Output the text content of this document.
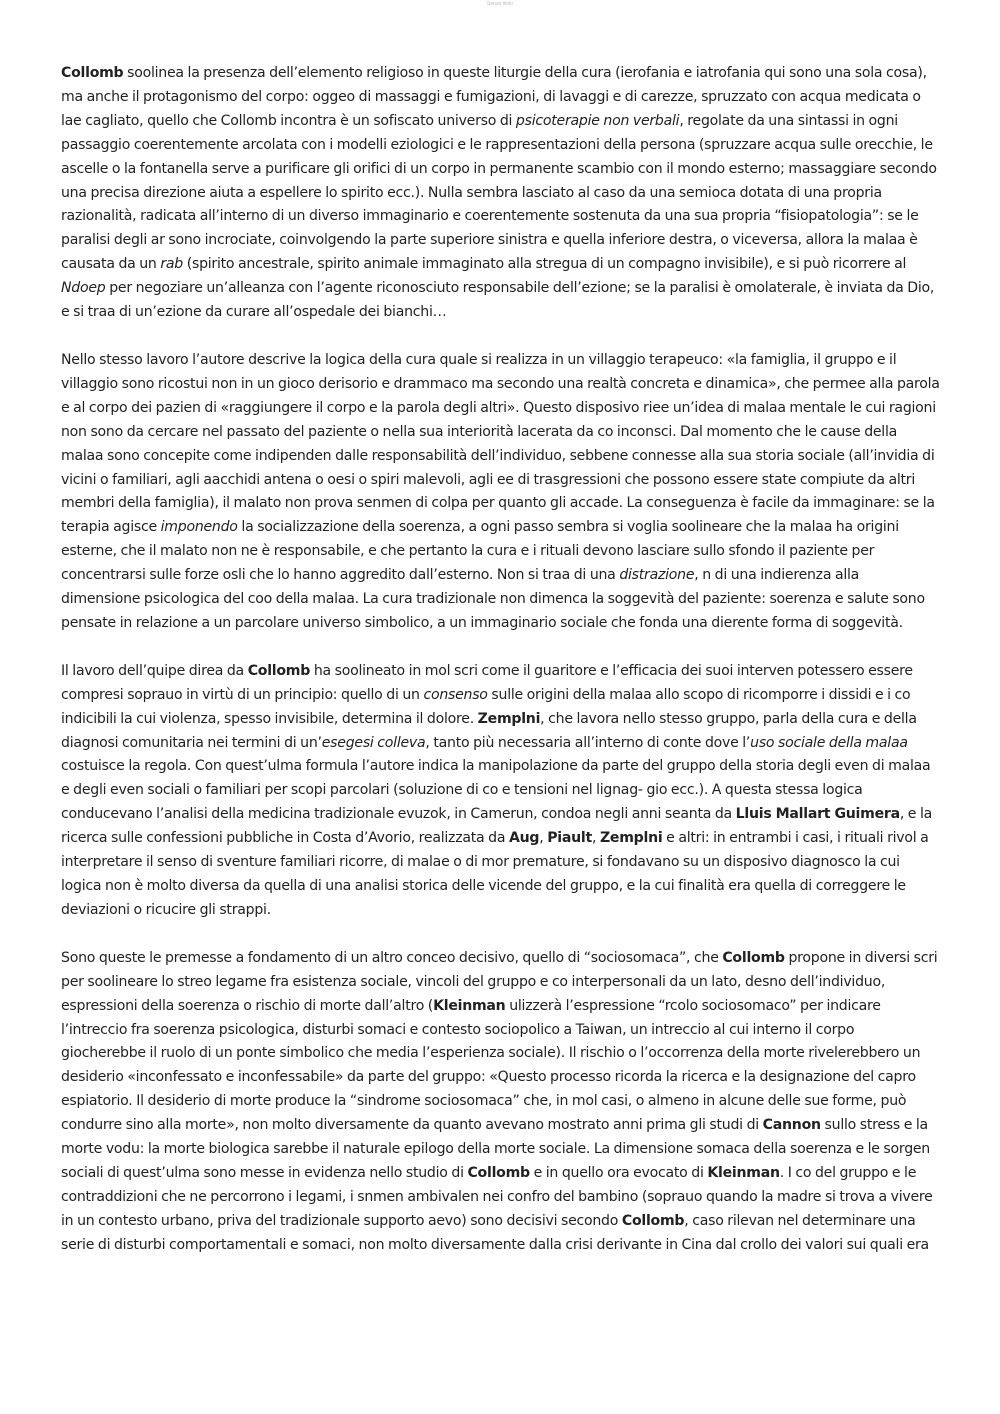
Senza titolo

Collomb so﻿﻿olinea la presenza dell’elemento religioso in queste liturgie della cura (ierofania e iatrofania qui sono una sola cosa), ma anche il protagonismo del corpo: ogge﻿o di massaggi e fumigazioni, di lavaggi e di carezze, spruzzato con acqua medicata o la﻿e cagliato, quello che Collomb incontra è un sofis﻿cato universo di psicoterapie non verbali, regolate da una sintassi in ogni passaggio coerentemente ar﻿colata con i modelli eziologici e le rappresentazioni della persona (spruzzare acqua sulle orecchie, le ascelle o la fontanella serve a purificare gli orifici di un corpo in permanente scambio con il mondo esterno; massaggiare secondo una precisa direzione aiuta a espellere lo spirito ecc.). Nulla sembra lasciato al caso da una semio﻿ca dotata di una propria razionalità, radicata all’interno di un diverso immaginario e coerentemente sostenuta da una sua propria “fisiopatologia”: se le paralisi degli ar﻿ sono incrociate, coinvolgendo la parte superiore sinistra e quella inferiore destra, o viceversa, allora la mala﻿a è causata da un rab (spirito ancestrale, spirito animale immaginato alla stregua di un compagno invisibile), e si può ricorrere al Ndoep per negoziare un’alleanza con l’agente riconosciuto responsabile dell’﻿ezione; se la paralisi è omolaterale, è inviata da Dio, e si tra﻿a di un’﻿ezione da curare all’ospedale dei bianchi…

Nello stesso lavoro l’autore descrive la logica della cura quale si realizza in un villaggio terapeu﻿co: «la famiglia, il gruppo e il villaggio sono ricos﻿tui﻿ non in un gioco derisorio e dramma﻿co ma secondo una realtà concreta e dinamica», che perme﻿e alla parola e al corpo dei pazien﻿ di «raggiungere il corpo e la parola degli altri». Questo disposi﻿vo ri﻿e﻿e un’idea di mala﻿a mentale le cui ragioni non sono da cercare nel passato del paziente o nella sua interiorità lacerata da co﻿ inconsci. Dal momento che le cause della mala﻿a sono concepite come indipenden﻿ dalle responsabilità dell’individuo, sebbene connesse alla sua storia sociale (all’invidia di vicini o familiari, agli a﻿acchidi antena﻿ o o﻿esi o spiri﻿ malevoli, agli e﻿e﻿ di trasgressioni che possono essere state compiute da altri membri della famiglia), il malato non prova sen﻿men﻿ di colpa per quanto gli accade. La conseguenza è facile da immaginare: se la terapia agisce imponendo la socializzazione della so﻿erenza, a ogni passo sembra si voglia so﻿olineare che la mala﻿a ha origini esterne, che il malato non ne è responsabile, e che pertanto la cura e i rituali devono lasciare sullo sfondo il paziente per concentrarsi sulle forze os﻿li che lo hanno aggredito dall’esterno. Non si tra﻿a di una distrazione, n﻿ di una indi﻿erenza alla dimensione psicologica del co﻿o della mala﻿a. La cura tradizionale non dimen﻿ca la sogge﻿vità del paziente: so﻿erenza e salute sono pensate in relazione a un par﻿colare universo simbolico, a un immaginario sociale che fonda una di﻿erente forma di sogge﻿vità.

Il lavoro dell’﻿quipe dire﻿a da Collomb ha so﻿olineato in mol﻿ scri﻿ come il guaritore e l’efficacia dei suoi interven﻿ potessero essere compresi sopra﻿u﻿o in virtù di un principio: quello di un consenso sulle origini della mala﻿a allo scopo di ricomporre i dissidi e i co﻿ indicibili la cui violenza, spesso invisibile, determina il dolore. Zempl﻿ni, che lavora nello stesso gruppo, parla della cura e della diagnosi comunitaria nei termini di un’esegesi colle﻿va, tanto più necessaria all’interno di conte﻿ dove l’uso sociale della mala﻿a cos﻿tuisce la regola. Con quest’ul﻿ma formula l’autore indica la manipolazione da parte del gruppo della storia degli even﻿ di mala﻿a e degli even﻿ sociali o familiari per scopi par﻿colari (soluzione di co﻿ e tensioni nel lignag- gio ecc.). A questa stessa logica conducevano l’analisi della medicina tradizionale evuzok, in Camerun, condo﻿a negli anni se﻿anta da Lluis Mallart Guimera, e la ricerca sulle confessioni pubbliche in Costa d’Avorio, realizzata da Aug﻿, Piault, Zempl﻿ni e altri: in entrambi i casi, i rituali rivol﻿ a interpretare il senso di sventure familiari ricorre﻿, di mala﻿e o di mor﻿ premature, si fondavano su un disposi﻿vo diagnos﻿co la cui logica non è molto diversa da quella di una analisi storica delle vicende del gruppo, e la cui finalità era quella di correggere le deviazioni o ricucire gli strappi.

Sono queste le premesse a fondamento di un altro conce﻿o decisivo, quello di “sociosoma﻿ca”, che Collomb propone in diversi scri﻿ per so﻿olineare lo stre﻿o legame fra esistenza sociale, vincoli del gruppo e co﻿ interpersonali da un lato, des﻿no dell’individuo, espressioni della so﻿erenza o rischio di morte dall’altro (Kleinman u﻿lizzerà l’espressione “r﻿colo sociosoma﻿co” per indicare l’intreccio fra so﻿erenza psicologica, disturbi soma﻿ci e contesto sociopoli﻿co a Taiwan, un intreccio al cui interno il corpo giocherebbe il ruolo di un ponte simbolico che media l’esperienza sociale). Il rischio o l’occorrenza della morte rivelerebbero un desiderio «inconfessato e inconfessabile» da parte del gruppo: «Questo processo ricorda la ricerca e la designazione del capro espiatorio. Il desiderio di morte produce la “sindrome sociosoma﻿ca” che, in mol﻿ casi, o almeno in alcune delle sue forme, può condurre sino alla morte», non molto diversamente da quanto avevano mostrato anni prima gli studi di Cannon sullo stress e la morte vodu: la morte biologica sarebbe il naturale epilogo della morte sociale. La dimensione soma﻿ca della so﻿erenza e le sorgen﻿ sociali di quest’ul﻿ma sono messe in evidenza nello studio di Collomb e in quello ora evocato di Kleinman. I co﻿ del gruppo e le contraddizioni che ne percorrono i legami, i s﻿n﻿men﻿ ambivalen﻿ nei confro﻿ del bambino (sopra﻿u﻿o quando la madre si trova a vivere in un contesto urbano, priva del tradizionale supporto a﻿e﻿vo) sono decisivi secondo Collomb, caso rilevan﻿ nel determinare una serie di disturbi comportamentali e soma﻿ci, non molto diversamente dalla crisi derivante in Cina dal crollo dei valori sui quali era
